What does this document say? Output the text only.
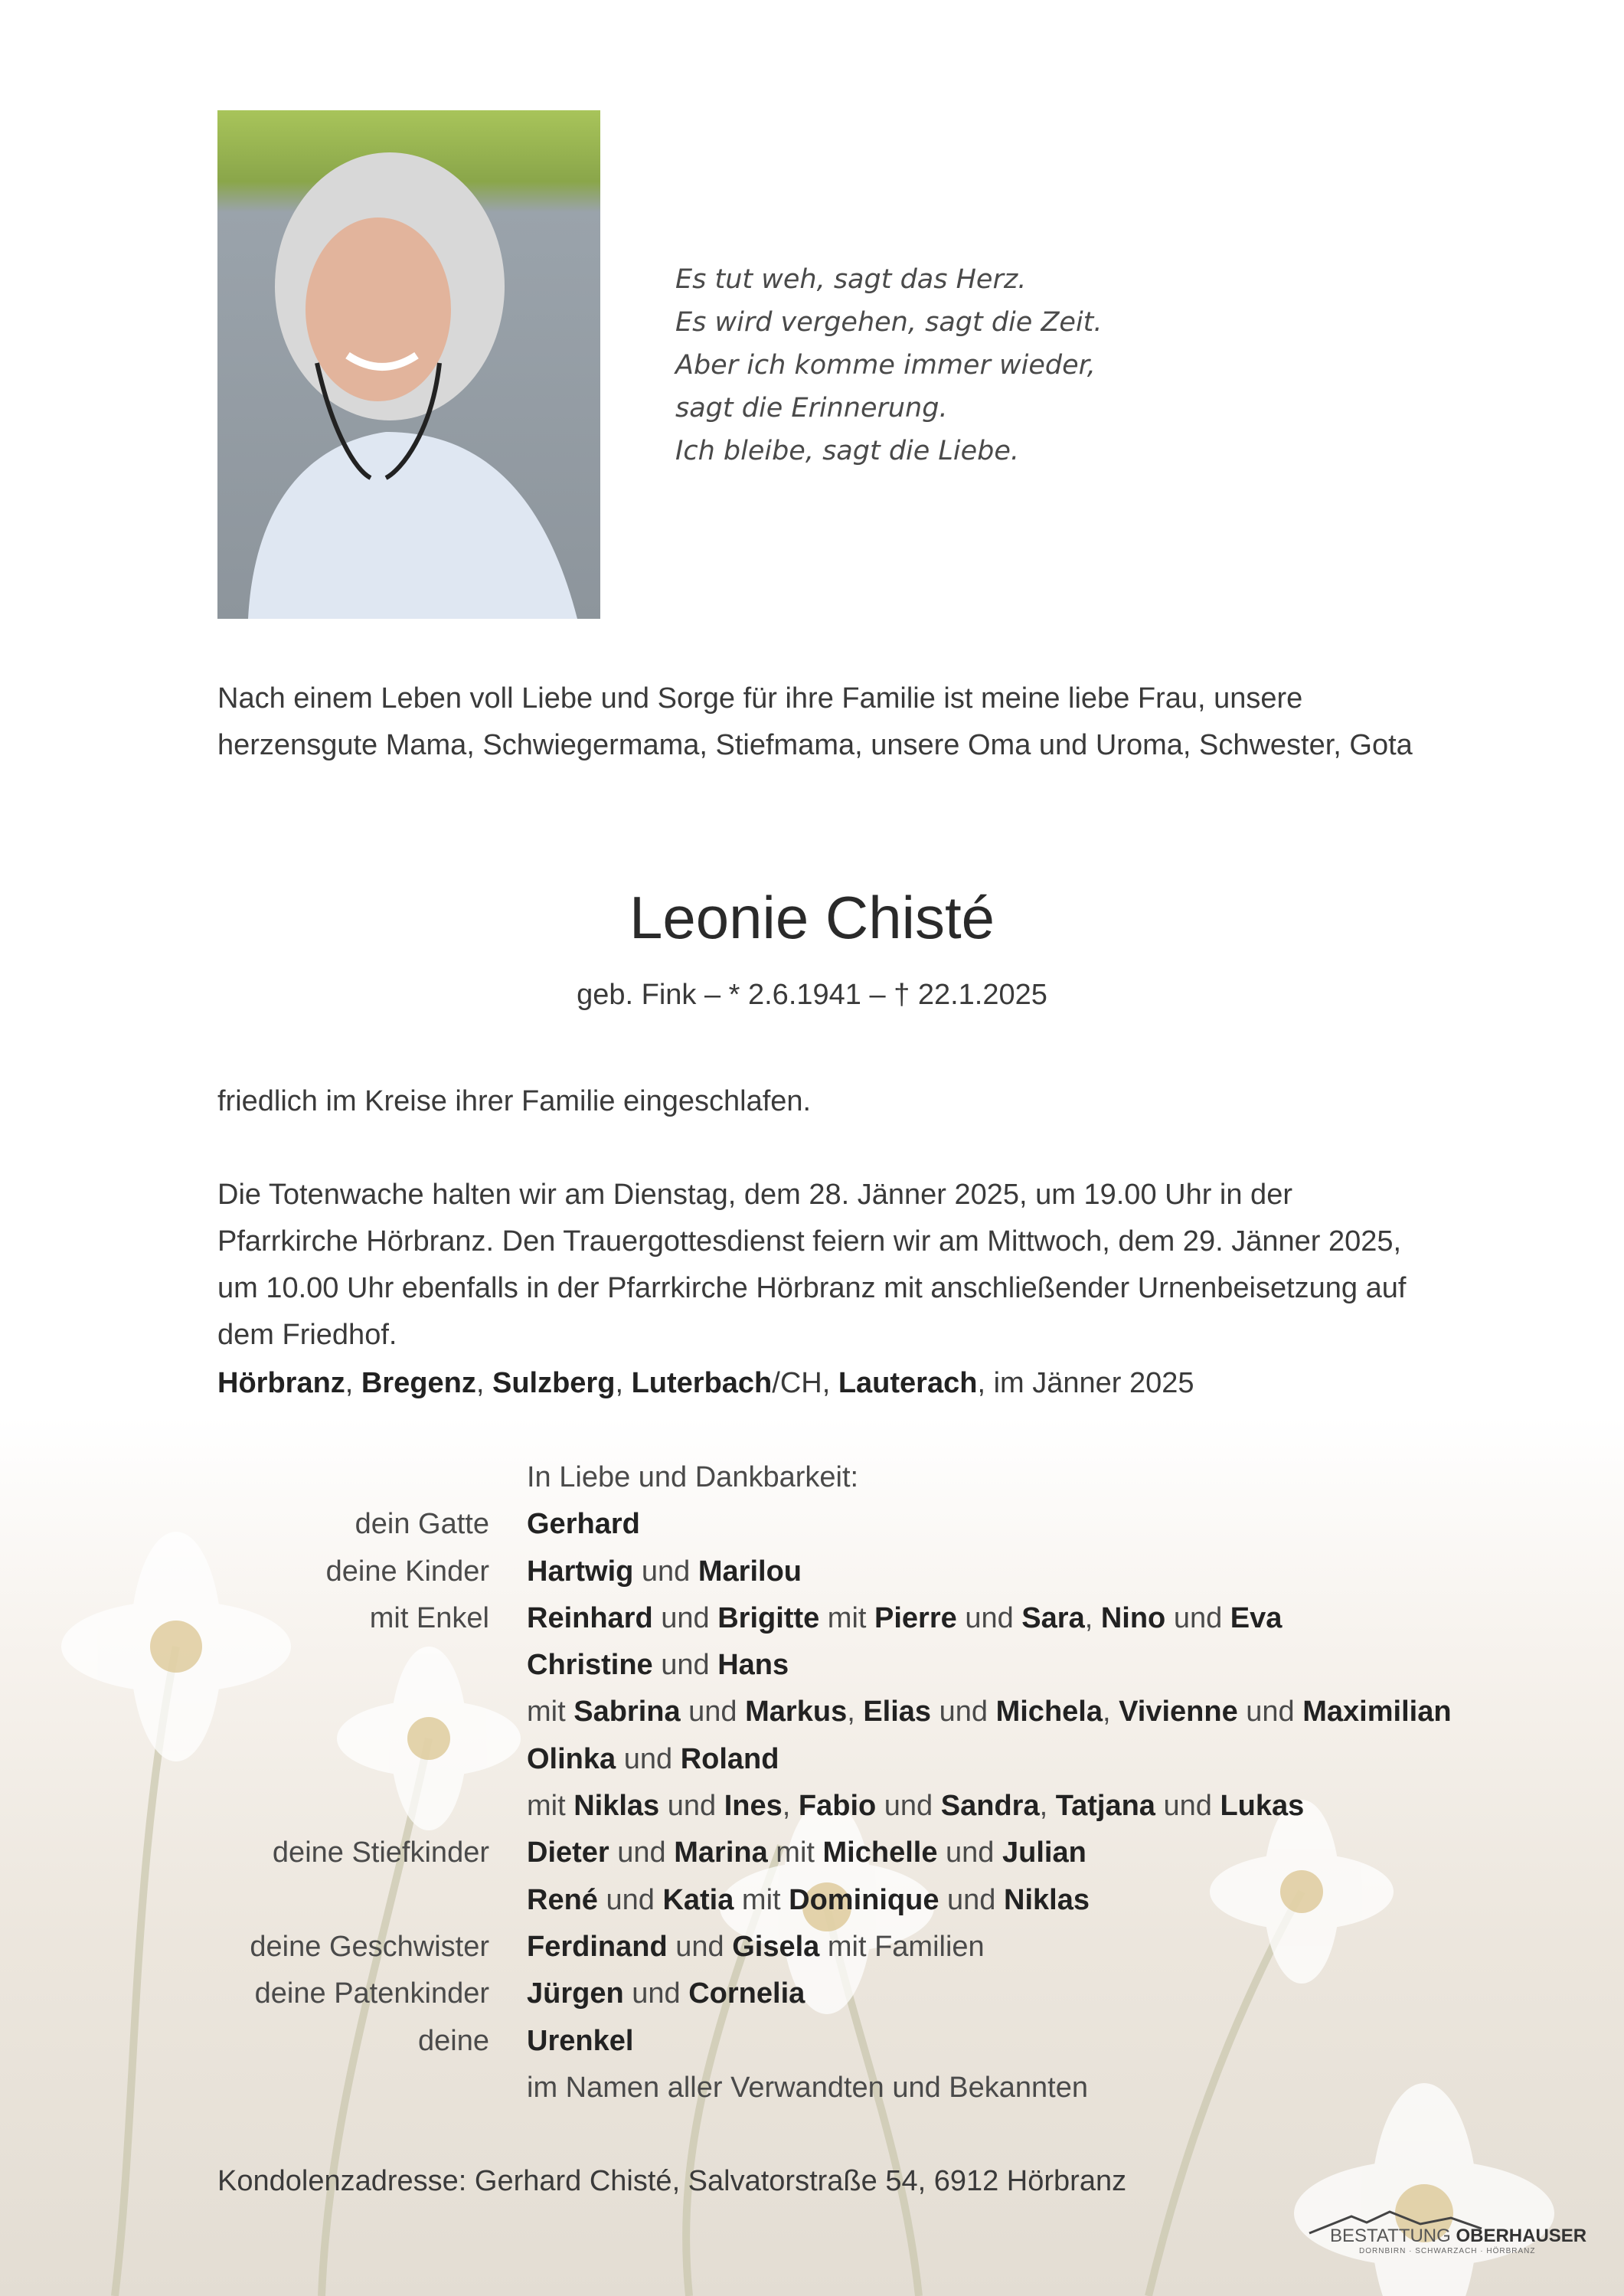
Es tut weh, sagt das Herz.
Es wird vergehen, sagt die Zeit.
Aber ich komme immer wieder,
sagt die Erinnerung.
Ich bleibe, sagt die Liebe.
Nach einem Leben voll Liebe und Sorge für ihre Familie ist meine liebe Frau, unsere herzensgute Mama, Schwiegermama, Stiefmama, unsere Oma und Uroma, Schwester, Gota
Leonie Chisté
geb. Fink – * 2.6.1941 – † 22.1.2025
friedlich im Kreise ihrer Familie eingeschlafen.
Die Totenwache halten wir am Dienstag, dem 28. Jänner 2025, um 19.00 Uhr in der Pfarrkirche Hörbranz. Den Trauergottesdienst feiern wir am Mittwoch, dem 29. Jänner 2025, um 10.00 Uhr ebenfalls in der Pfarrkirche Hörbranz mit anschließender Urnenbeisetzung auf dem Friedhof.
Hörbranz, Bregenz, Sulzberg, Luterbach/CH, Lauterach, im Jänner 2025
In Liebe und Dankbarkeit:
dein Gatte Gerhard
deine Kinder Hartwig und Marilou
mit Enkel Reinhard und Brigitte mit Pierre und Sara, Nino und Eva
Christine und Hans
mit Sabrina und Markus, Elias und Michela, Vivienne und Maximilian
Olinka und Roland
mit Niklas und Ines, Fabio und Sandra, Tatjana und Lukas
deine Stiefkinder Dieter und Marina mit Michelle und Julian
René und Katia mit Dominique und Niklas
deine Geschwister Ferdinand und Gisela mit Familien
deine Patenkinder Jürgen und Cornelia
deine Urenkel
im Namen aller Verwandten und Bekannten
Kondolenzadresse: Gerhard Chisté, Salvatorstraße 54, 6912 Hörbranz
BESTATTUNG OBERHAUSER
DORNBIRN · SCHWARZACH · HÖRBRANZ
